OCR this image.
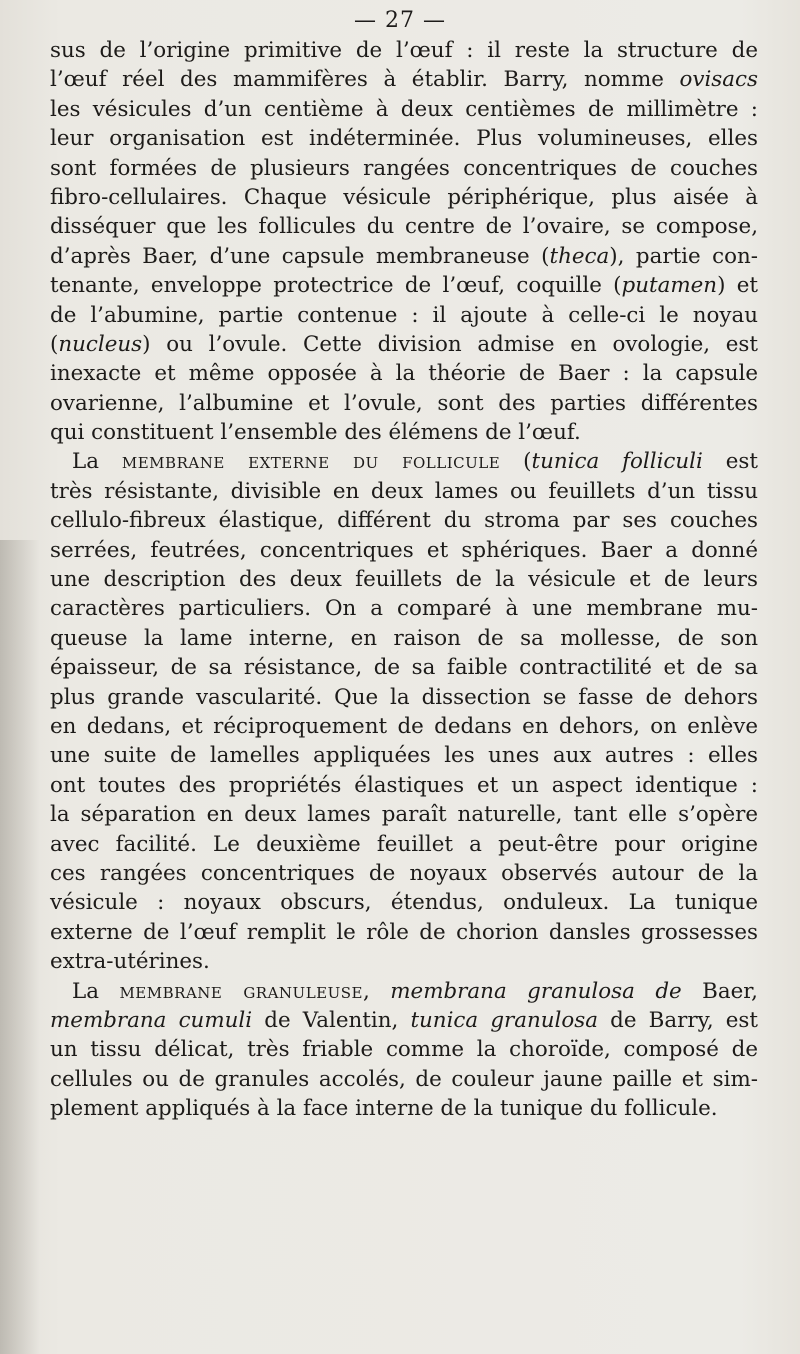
— 27 —
sus de l’origine primitive de l’œuf : il reste la structure de
l’œuf réel des mammifères à établir. Barry, nomme ovisacs
les vésicules d’un centième à deux centièmes de millimètre :
leur organisation est indéterminée. Plus volumineuses, elles
sont formées de plusieurs rangées concentriques de couches
fibro-cellulaires. Chaque vésicule périphérique, plus aisée à
disséquer que les follicules du centre de l’ovaire, se compose,
d’après Baer, d’une capsule membraneuse (theca), partie con-
tenante, enveloppe protectrice de l’œuf, coquille (putamen) et
de l’abumine, partie contenue : il ajoute à celle-ci le noyau
(nucleus) ou l’ovule. Cette division admise en ovologie, est
inexacte et même opposée à la théorie de Baer : la capsule
ovarienne, l’albumine et l’ovule, sont des parties différentes
qui constituent l’ensemble des élémens de l’œuf.
La membrane externe du follicule (tunica folliculi est
très résistante, divisible en deux lames ou feuillets d’un tissu
cellulo-fibreux élastique, différent du stroma par ses couches
serrées, feutrées, concentriques et sphériques. Baer a donné
une description des deux feuillets de la vésicule et de leurs
caractères particuliers. On a comparé à une membrane mu-
queuse la lame interne, en raison de sa mollesse, de son
épaisseur, de sa résistance, de sa faible contractilité et de sa
plus grande vascularité. Que la dissection se fasse de dehors
en dedans, et réciproquement de dedans en dehors, on enlève
une suite de lamelles appliquées les unes aux autres : elles
ont toutes des propriétés élastiques et un aspect identique :
la séparation en deux lames paraît naturelle, tant elle s’opère
avec facilité. Le deuxième feuillet a peut-être pour origine
ces rangées concentriques de noyaux observés autour de la
vésicule : noyaux obscurs, étendus, onduleux. La tunique
externe de l’œuf remplit le rôle de chorion dansles grossesses
extra-utérines.
La membrane granuleuse, membrana granulosa de Baer,
membrana cumuli de Valentin, tunica granulosa de Barry, est
un tissu délicat, très friable comme la choroïde, composé de
cellules ou de granules accolés, de couleur jaune paille et sim-
plement appliqués à la face interne de la tunique du follicule.
